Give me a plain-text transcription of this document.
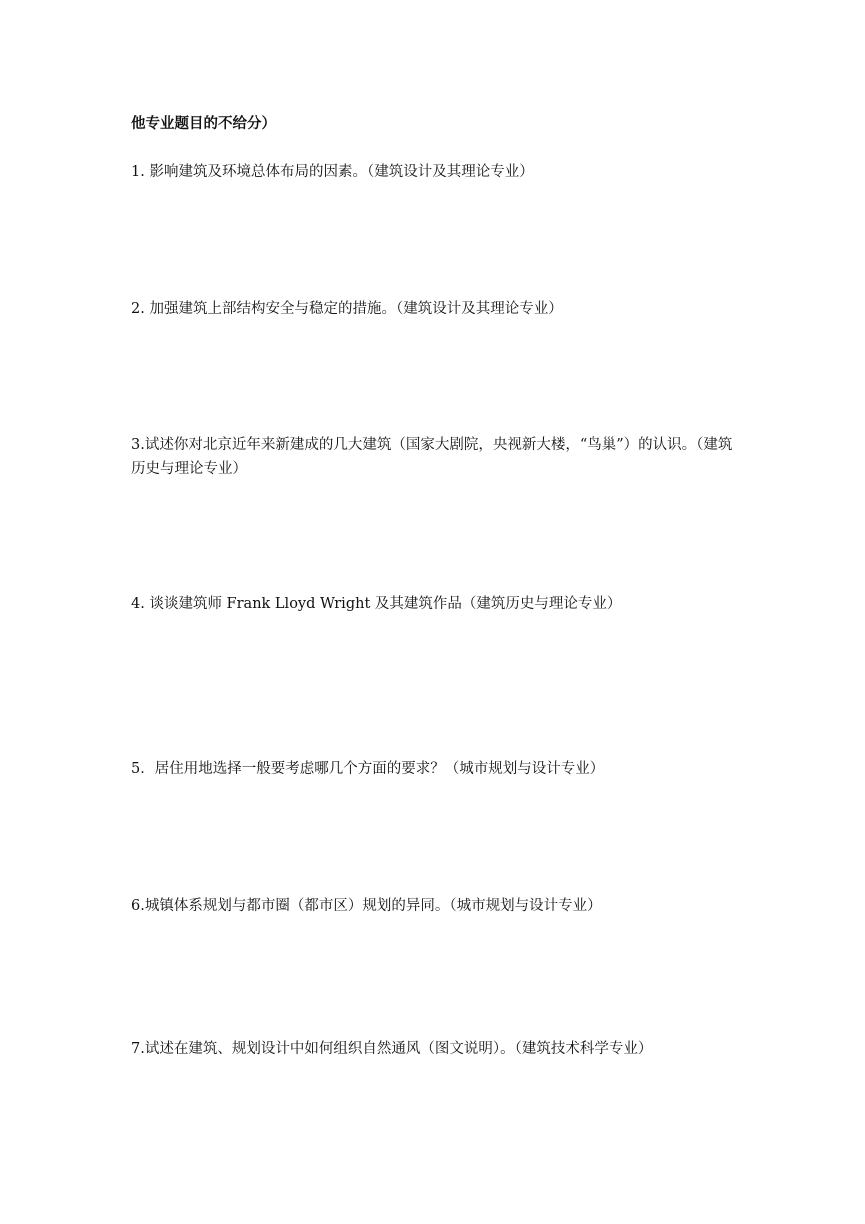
他专业题目的不给分）
1. 影响建筑及环境总体布局的因素。（建筑设计及其理论专业）
2. 加强建筑上部结构安全与稳定的措施。（建筑设计及其理论专业）
3.试述你对北京近年来新建成的几大建筑（国家大剧院，央视新大楼，“鸟巢”）的认识。（建筑历史与理论专业）
4. 谈谈建筑师 Frank Lloyd Wright 及其建筑作品（建筑历史与理论专业）
5．居住用地选择一般要考虑哪几个方面的要求？（城市规划与设计专业）
6.城镇体系规划与都市圈（都市区）规划的异同。（城市规划与设计专业）
7.试述在建筑、规划设计中如何组织自然通风（图文说明）。（建筑技术科学专业）
